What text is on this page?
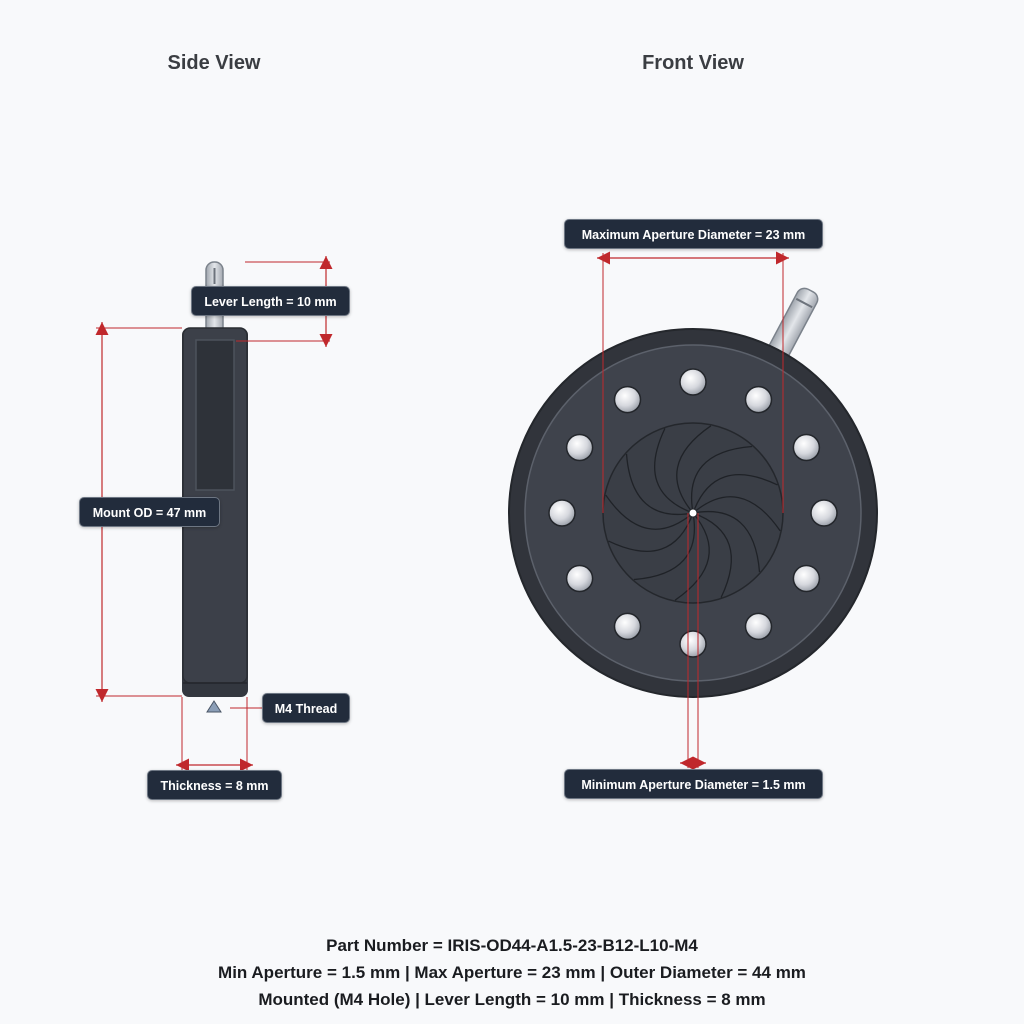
Side View	Front View
Lever Length = 10 mm
Mount OD = 47 mm
M4 Thread
Thickness = 8 mm
Maximum Aperture Diameter = 23 mm
Minimum Aperture Diameter = 1.5 mm
Part Number = IRIS-OD44-A1.5-23-B12-L10-M4
Min Aperture = 1.5 mm | Max Aperture = 23 mm | Outer Diameter = 44 mm
Mounted (M4 Hole) | Lever Length = 10 mm | Thickness = 8 mm
